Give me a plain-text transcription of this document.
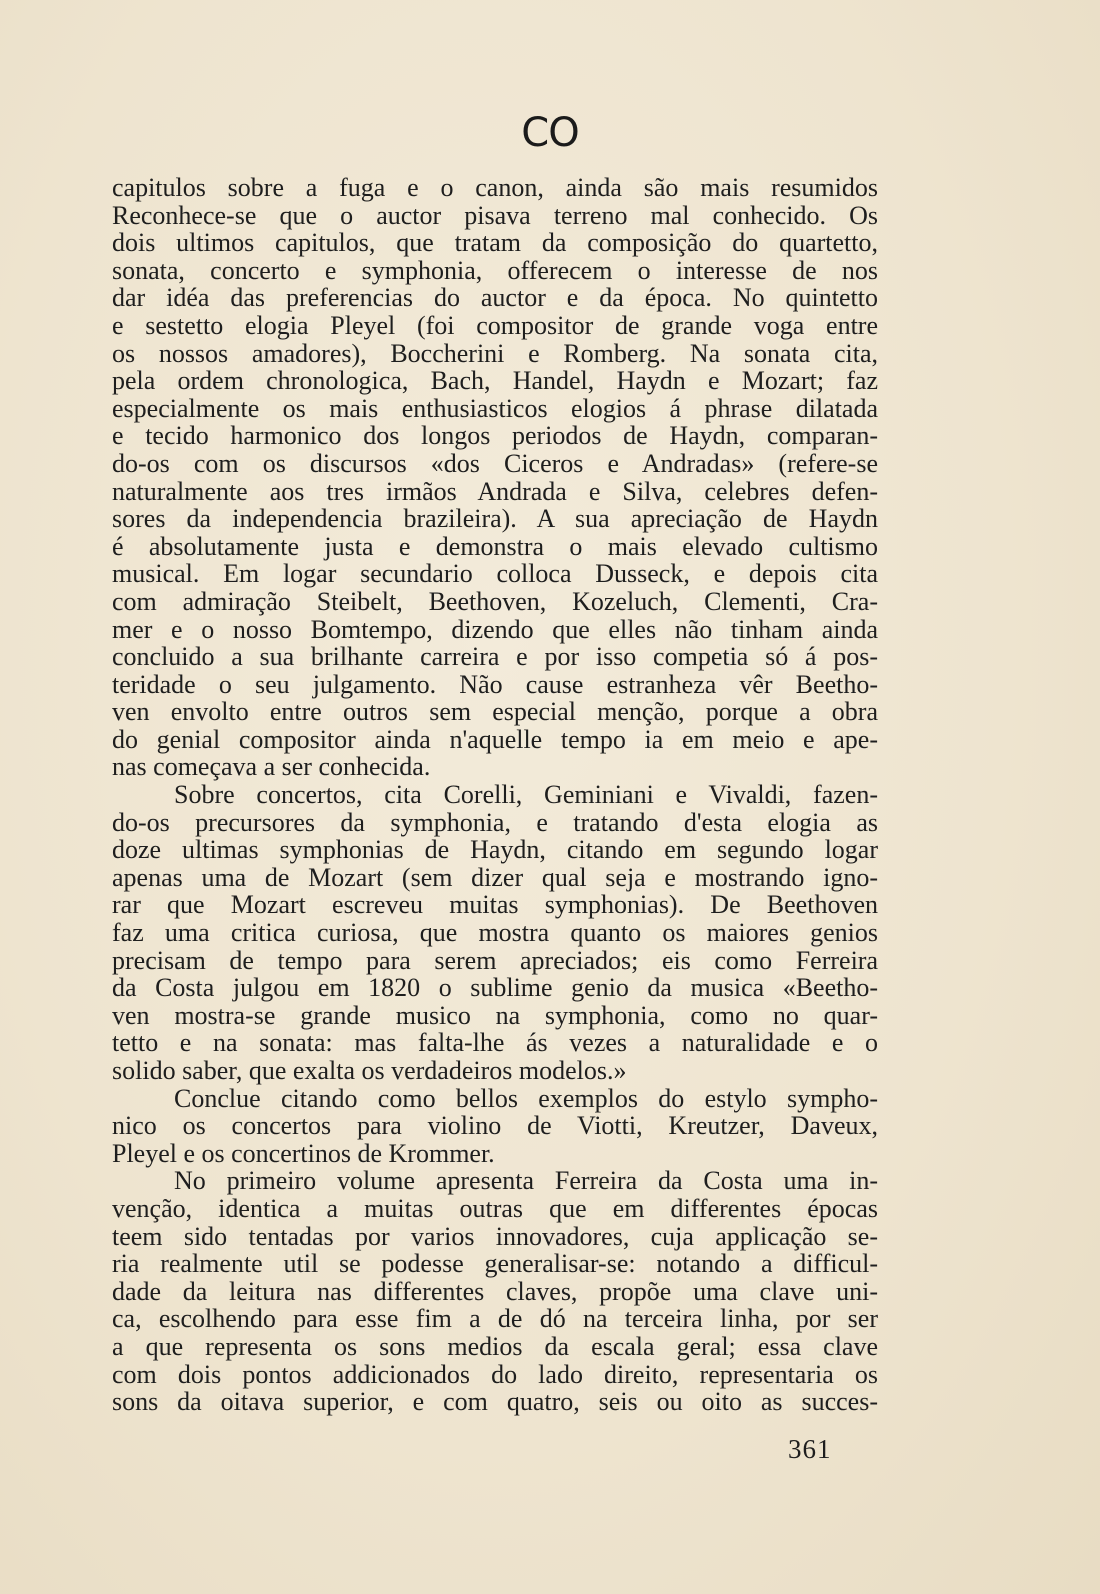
CO
capitulos sobre a fuga e o canon, ainda são mais resumidos
Reconhece-se que o auctor pisava terreno mal conhecido. Os
dois ultimos capitulos, que tratam da composição do quartetto,
sonata, concerto e symphonia, offerecem o interesse de nos
dar idéa das preferencias do auctor e da época. No quintetto
e sestetto elogia Pleyel (foi compositor de grande voga entre
os nossos amadores), Boccherini e Romberg. Na sonata cita,
pela ordem chronologica, Bach, Handel, Haydn e Mozart; faz
especialmente os mais enthusiasticos elogios á phrase dilatada
e tecido harmonico dos longos periodos de Haydn, comparan-
do-os com os discursos «dos Ciceros e Andradas» (refere-se
naturalmente aos tres irmãos Andrada e Silva, celebres defen-
sores da independencia brazileira). A sua apreciação de Haydn
é absolutamente justa e demonstra o mais elevado cultismo
musical. Em logar secundario colloca Dusseck, e depois cita
com admiração Steibelt, Beethoven, Kozeluch, Clementi, Cra-
mer e o nosso Bomtempo, dizendo que elles não tinham ainda
concluido a sua brilhante carreira e por isso competia só á pos-
teridade o seu julgamento. Não cause estranheza vêr Beetho-
ven envolto entre outros sem especial menção, porque a obra
do genial compositor ainda n'aquelle tempo ia em meio e ape-
nas começava a ser conhecida.
Sobre concertos, cita Corelli, Geminiani e Vivaldi, fazen-
do-os precursores da symphonia, e tratando d'esta elogia as
doze ultimas symphonias de Haydn, citando em segundo logar
apenas uma de Mozart (sem dizer qual seja e mostrando igno-
rar que Mozart escreveu muitas symphonias). De Beethoven
faz uma critica curiosa, que mostra quanto os maiores genios
precisam de tempo para serem apreciados; eis como Ferreira
da Costa julgou em 1820 o sublime genio da musica «Beetho-
ven mostra-se grande musico na symphonia, como no quar-
tetto e na sonata: mas falta-lhe ás vezes a naturalidade e o
solido saber, que exalta os verdadeiros modelos.»
Conclue citando como bellos exemplos do estylo sympho-
nico os concertos para violino de Viotti, Kreutzer, Daveux,
Pleyel e os concertinos de Krommer.
No primeiro volume apresenta Ferreira da Costa uma in-
venção, identica a muitas outras que em differentes épocas
teem sido tentadas por varios innovadores, cuja applicação se-
ria realmente util se podesse generalisar-se: notando a difficul-
dade da leitura nas differentes claves, propõe uma clave uni-
ca, escolhendo para esse fim a de dó na terceira linha, por ser
a que representa os sons medios da escala geral; essa clave
com dois pontos addicionados do lado direito, representaria os
sons da oitava superior, e com quatro, seis ou oito as succes-
361
